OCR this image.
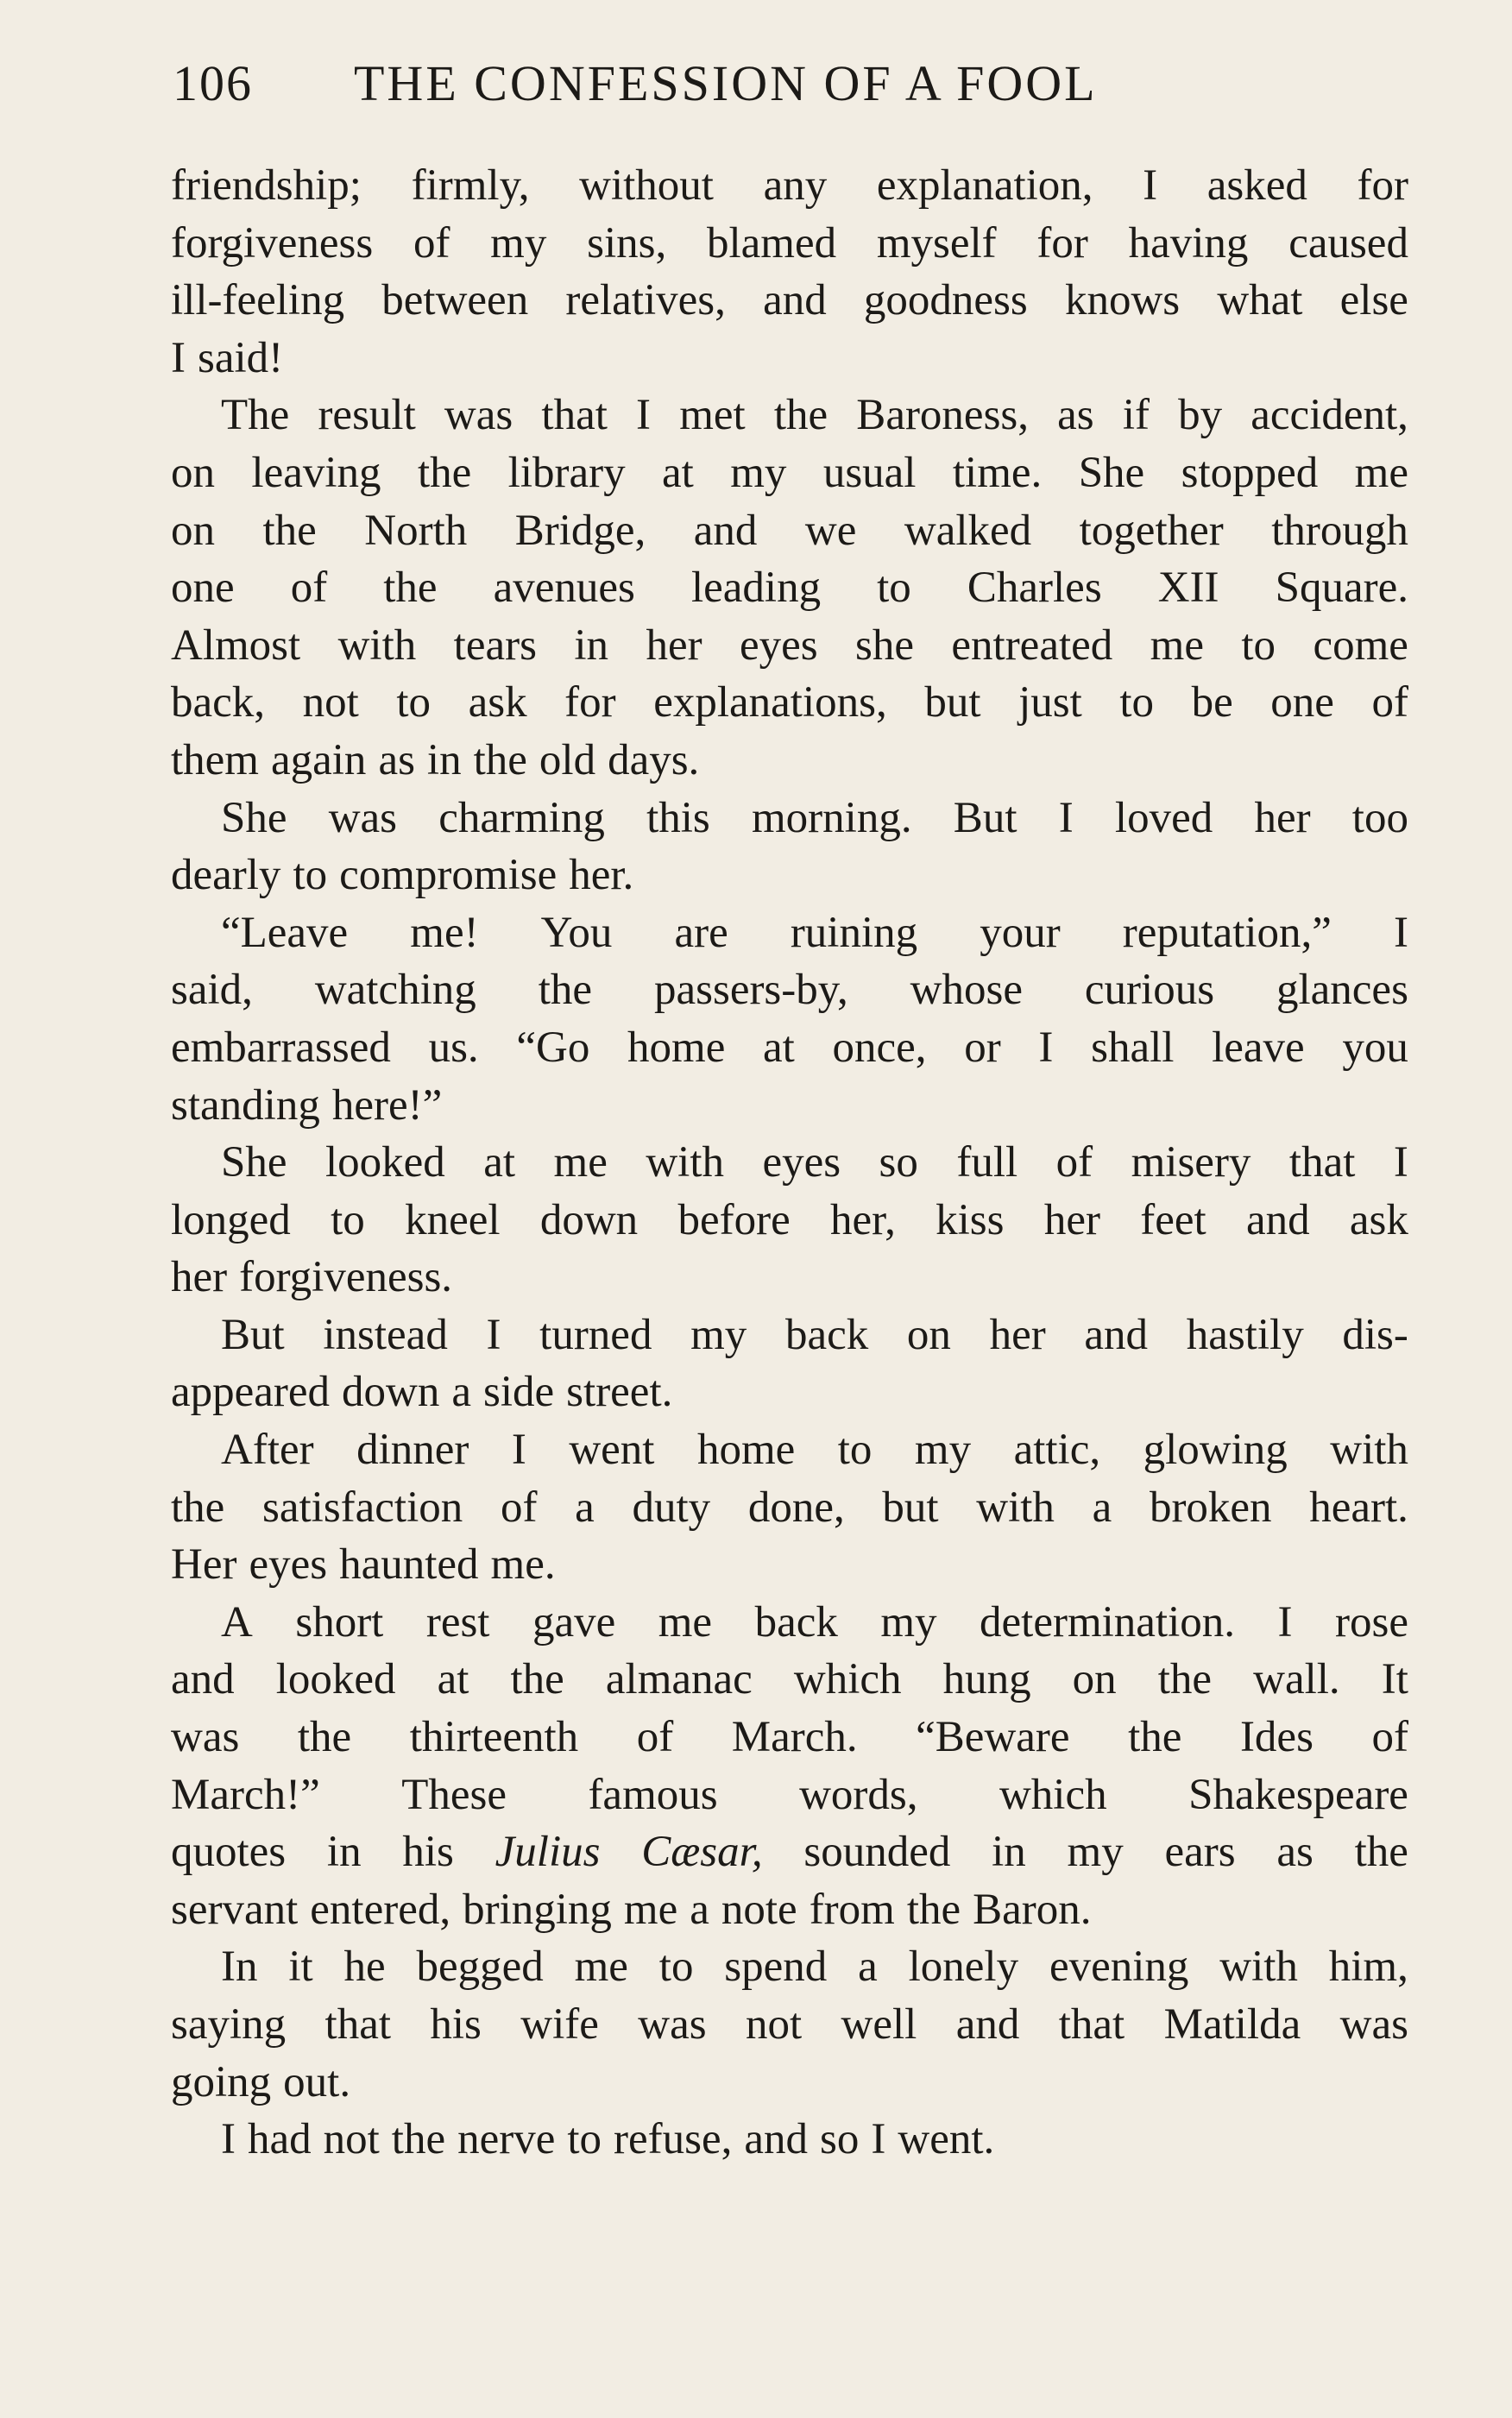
106 THE CONFESSION OF A FOOL
friendship; firmly, without any explanation, I asked for
forgiveness of my sins, blamed myself for having caused
ill-feeling between relatives, and goodness knows what else
I said!
The result was that I met the Baroness, as if by accident,
on leaving the library at my usual time. She stopped me
on the North Bridge, and we walked together through
one of the avenues leading to Charles XII Square.
Almost with tears in her eyes she entreated me to come
back, not to ask for explanations, but just to be one of
them again as in the old days.
She was charming this morning. But I loved her too
dearly to compromise her.
“Leave me! You are ruining your reputation,” I
said, watching the passers-by, whose curious glances
embarrassed us. “Go home at once, or I shall leave you
standing here!”
She looked at me with eyes so full of misery that I
longed to kneel down before her, kiss her feet and ask
her forgiveness.
But instead I turned my back on her and hastily dis-
appeared down a side street.
After dinner I went home to my attic, glowing with
the satisfaction of a duty done, but with a broken heart.
Her eyes haunted me.
A short rest gave me back my determination. I rose
and looked at the almanac which hung on the wall. It
was the thirteenth of March. “Beware the Ides of
March!” These famous words, which Shakespeare
quotes in his Julius Cæsar, sounded in my ears as the
servant entered, bringing me a note from the Baron.
In it he begged me to spend a lonely evening with him,
saying that his wife was not well and that Matilda was
going out.
I had not the nerve to refuse, and so I went.
